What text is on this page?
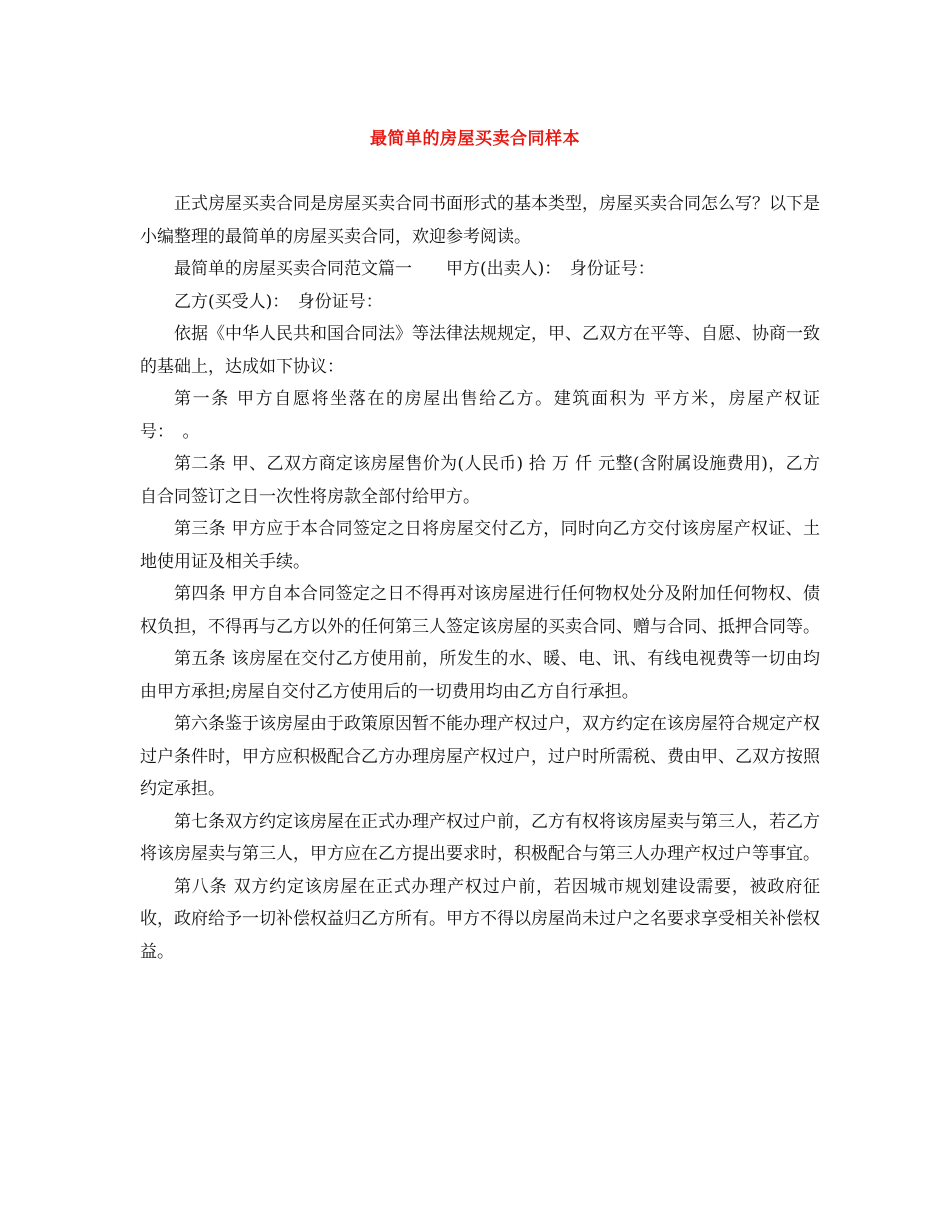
最简单的房屋买卖合同样本

正式房屋买卖合同是房屋买卖合同书面形式的基本类型，房屋买卖合同怎么写？以下是小编整理的最简单的房屋买卖合同，欢迎参考阅读。

最简单的房屋买卖合同范文篇一　　甲方(出卖人)：　身份证号：

乙方(买受人)：　身份证号：

依据《中华人民共和国合同法》等法律法规规定，甲、乙双方在平等、自愿、协商一致的基础上，达成如下协议：

第一条 甲方自愿将坐落在的房屋出售给乙方。建筑面积为 平方米，房屋产权证号：　。

第二条 甲、乙双方商定该房屋售价为(人民币) 拾 万 仟 元整(含附属设施费用)，乙方自合同签订之日一次性将房款全部付给甲方。

第三条 甲方应于本合同签定之日将房屋交付乙方，同时向乙方交付该房屋产权证、土地使用证及相关手续。

第四条 甲方自本合同签定之日不得再对该房屋进行任何物权处分及附加任何物权、债权负担，不得再与乙方以外的任何第三人签定该房屋的买卖合同、赠与合同、抵押合同等。

第五条 该房屋在交付乙方使用前，所发生的水、暖、电、讯、有线电视费等一切由均由甲方承担;房屋自交付乙方使用后的一切费用均由乙方自行承担。

第六条鉴于该房屋由于政策原因暂不能办理产权过户，双方约定在该房屋符合规定产权过户条件时，甲方应积极配合乙方办理房屋产权过户，过户时所需税、费由甲、乙双方按照约定承担。

第七条双方约定该房屋在正式办理产权过户前，乙方有权将该房屋卖与第三人，若乙方将该房屋卖与第三人，甲方应在乙方提出要求时，积极配合与第三人办理产权过户等事宜。

第八条 双方约定该房屋在正式办理产权过户前，若因城市规划建设需要，被政府征收，政府给予一切补偿权益归乙方所有。甲方不得以房屋尚未过户之名要求享受相关补偿权益。
